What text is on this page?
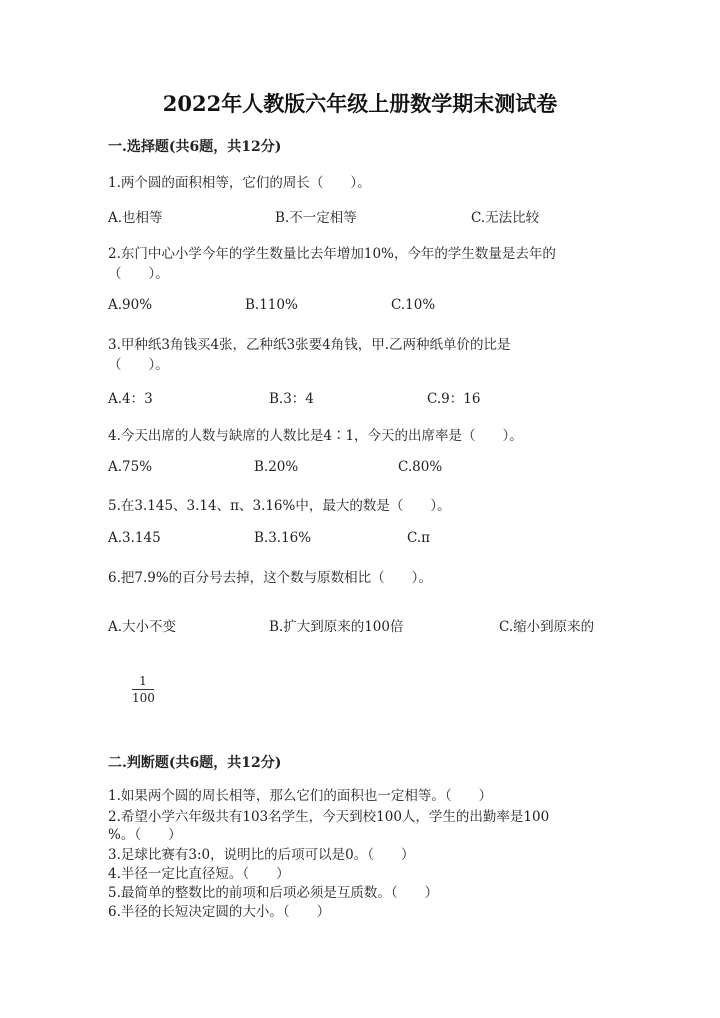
2022年人教版六年级上册数学期末测试卷
一.选择题(共6题，共12分)
1.两个圆的面积相等，它们的周长（　　）。
A.也相等	B.不一定相等	C.无法比较
2.东门中心小学今年的学生数量比去年增加10%，今年的学生数量是去年的
（　　）。
A.90%	B.110%	C.10%
3.甲种纸3角钱买4张，乙种纸3张要4角钱，甲.乙两种纸单价的比是
（　　）。
A.4：3	B.3：4	C.9：16
4.今天出席的人数与缺席的人数比是4∶1，今天的出席率是（　　）。
A.75%	B.20%	C.80%
5.在3.145、3.14、π、3.16%中，最大的数是（　　）。
A.3.145	B.3.16%	C.π
6.把7.9%的百分号去掉，这个数与原数相比（　　）。
A.大小不变	B.扩大到原来的100倍	C.缩小到原来的
1
100
二.判断题(共6题，共12分)
1.如果两个圆的周长相等，那么它们的面积也一定相等。（　　）
2.希望小学六年级共有103名学生，今天到校100人，学生的出勤率是100
%。（　　）
3.足球比赛有3:0，说明比的后项可以是0。（　　）
4.半径一定比直径短。（　　）
5.最简单的整数比的前项和后项必须是互质数。（　　）
6.半径的长短决定圆的大小。（　　）
